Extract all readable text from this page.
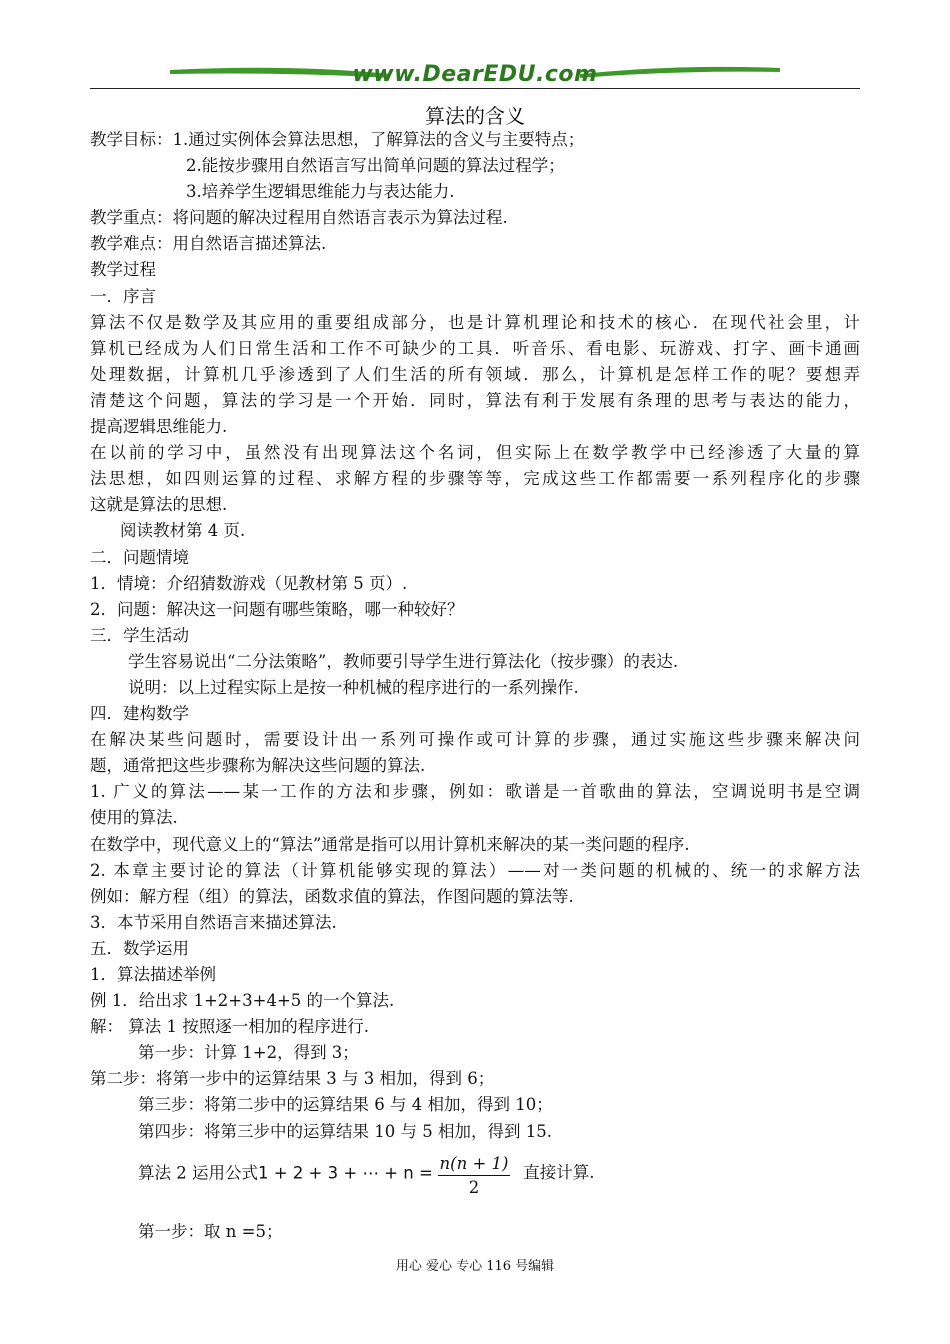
www.DearEDU.com
算法的含义
教学目标：1.通过实例体会算法思想，了解算法的含义与主要特点；
2.能按步骤用自然语言写出简单问题的算法过程学；
3.培养学生逻辑思维能力与表达能力.
教学重点：将问题的解决过程用自然语言表示为算法过程.
教学难点：用自然语言描述算法.
教学过程
一．序言
算法不仅是数学及其应用的重要组成部分，也是计算机理论和技术的核心．在现代社会里，计
算机已经成为人们日常生活和工作不可缺少的工具．听音乐、看电影、玩游戏、打字、画卡通画
处理数据，计算机几乎渗透到了人们生活的所有领域．那么，计算机是怎样工作的呢？要想弄
清楚这个问题，算法的学习是一个开始．同时，算法有利于发展有条理的思考与表达的能力，
提高逻辑思维能力.
在以前的学习中，虽然没有出现算法这个名词，但实际上在数学教学中已经渗透了大量的算
法思想，如四则运算的过程、求解方程的步骤等等，完成这些工作都需要一系列程序化的步骤
这就是算法的思想.
阅读教材第 4 页.
二．问题情境
1．情境：介绍猜数游戏（见教材第 5 页）.
2．问题：解决这一问题有哪些策略，哪一种较好？
三．学生活动
学生容易说出“二分法策略”，教师要引导学生进行算法化（按步骤）的表达.
说明：以上过程实际上是按一种机械的程序进行的一系列操作.
四．建构数学
在解决某些问题时，需要设计出一系列可操作或可计算的步骤，通过实施这些步骤来解决问
题，通常把这些步骤称为解决这些问题的算法.
1. 广义的算法——某一工作的方法和步骤，例如：歌谱是一首歌曲的算法，空调说明书是空调
使用的算法.
在数学中，现代意义上的“算法”通常是指可以用计算机来解决的某一类问题的程序.
2. 本章主要讨论的算法（计算机能够实现的算法）——对一类问题的机械的、统一的求解方法
例如：解方程（组）的算法，函数求值的算法，作图问题的算法等.
3．本节采用自然语言来描述算法.
五．数学运用
1．算法描述举例
例 1．给出求 1+2+3+4+5 的一个算法.
解： 算法 1 按照逐一相加的程序进行.
第一步：计算 1+2，得到 3；
第二步：将第一步中的运算结果 3 与 3 相加，得到 6；
第三步：将第二步中的运算结果 6 与 4 相加，得到 10；
第四步：将第三步中的运算结果 10 与 5 相加，得到 15.
算法 2 运用公式1 + 2 + 3 + ⋯ + $n = \frac{n(n + 1)}{2}$ 直接计算.
第一步：取 n =5；
用心 爱心 专心 116 号编辑
